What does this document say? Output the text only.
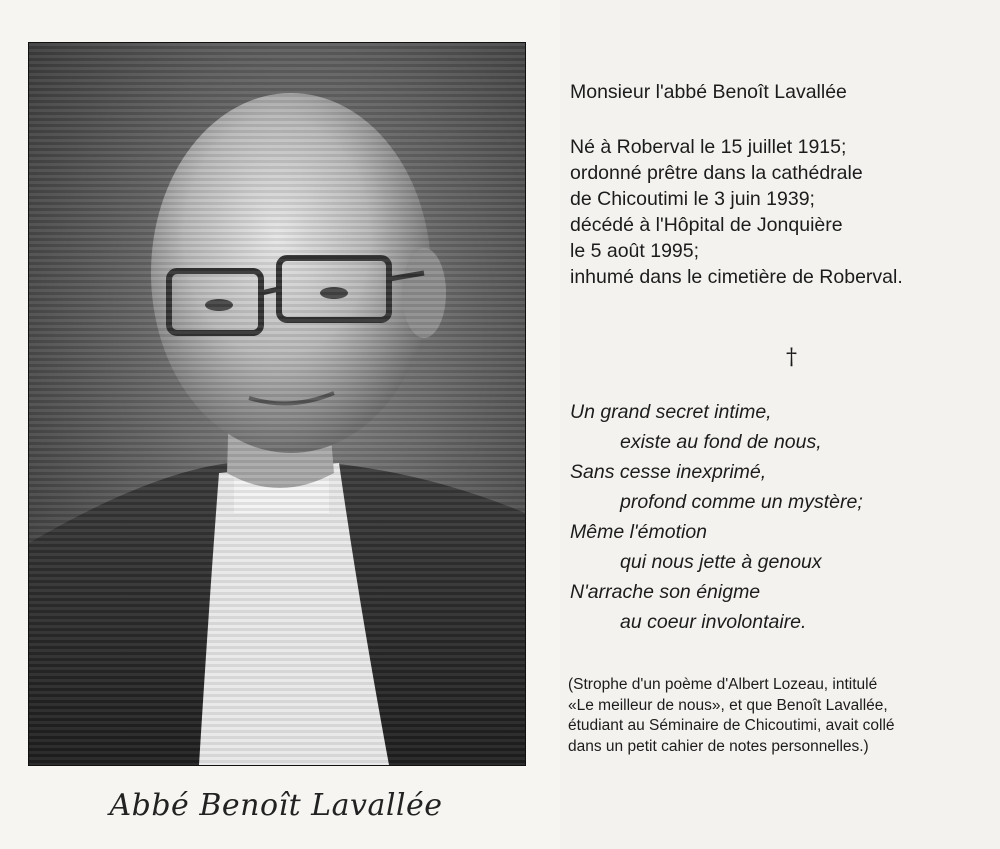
Abbé Benoît Lavallée

Monsieur l'abbé Benoît Lavallée

Né à Roberval le 15 juillet 1915;

ordonné prêtre dans la cathédrale

de Chicoutimi le 3 juin 1939;

décédé à l'Hôpital de Jonquière

le 5 août 1995;

inhumé dans le cimetière de Roberval.

†

Un grand secret intime,

existe au fond de nous,

Sans cesse inexprimé,

profond comme un mystère;

Même l'émotion

qui nous jette à genoux

N'arrache son énigme

au coeur involontaire.

(Strophe d'un poème d'Albert Lozeau, intitulé

«Le meilleur de nous», et que Benoît Lavallée,

étudiant au Séminaire de Chicoutimi, avait collé

dans un petit cahier de notes personnelles.)
